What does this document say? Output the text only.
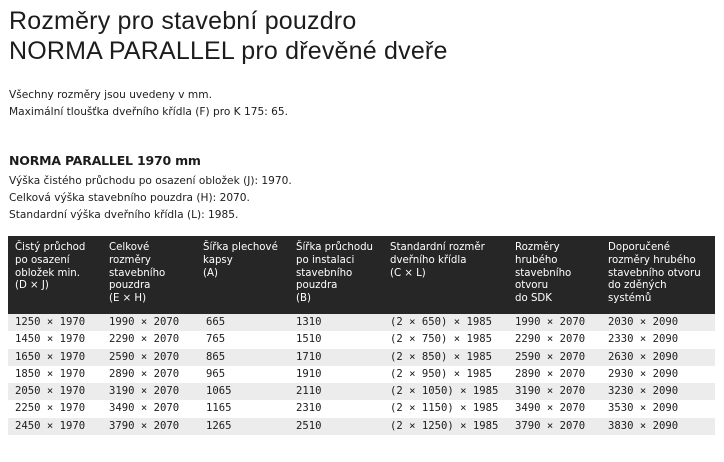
Rozměry pro stavební pouzdro
NORMA PARALLEL pro dřevěné dveře
Všechny rozměry jsou uvedeny v mm.
Maximální tloušťka dveřního křídla (F) pro K 175: 65.
NORMA PARALLEL 1970 mm
Výška čistého průchodu po osazení obložek (J): 1970.
Celková výška stavebního pouzdra (H): 2070.
Standardní výška dveřního křídla (L): 1985.
Čistý průchod
po osazení
obložek min.
(D × J)	Celkové
rozměry
stavebního
pouzdra
(E × H)	Šířka plechové
kapsy
(A)	Šířka průchodu
po instalaci
stavebního
pouzdra
(B)	Standardní rozměr
dveřního křídla
(C × L)	Rozměry
hrubého
stavebního
otvoru
do SDK	Doporučené
rozměry hrubého
stavebního otvoru
do zděných
systémů
1250 × 1970	1990 × 2070	665	1310	(2 × 650) × 1985	1990 × 2070	2030 × 2090
1450 × 1970	2290 × 2070	765	1510	(2 × 750) × 1985	2290 × 2070	2330 × 2090
1650 × 1970	2590 × 2070	865	1710	(2 × 850) × 1985	2590 × 2070	2630 × 2090
1850 × 1970	2890 × 2070	965	1910	(2 × 950) × 1985	2890 × 2070	2930 × 2090
2050 × 1970	3190 × 2070	1065	2110	(2 × 1050) × 1985	3190 × 2070	3230 × 2090
2250 × 1970	3490 × 2070	1165	2310	(2 × 1150) × 1985	3490 × 2070	3530 × 2090
2450 × 1970	3790 × 2070	1265	2510	(2 × 1250) × 1985	3790 × 2070	3830 × 2090
